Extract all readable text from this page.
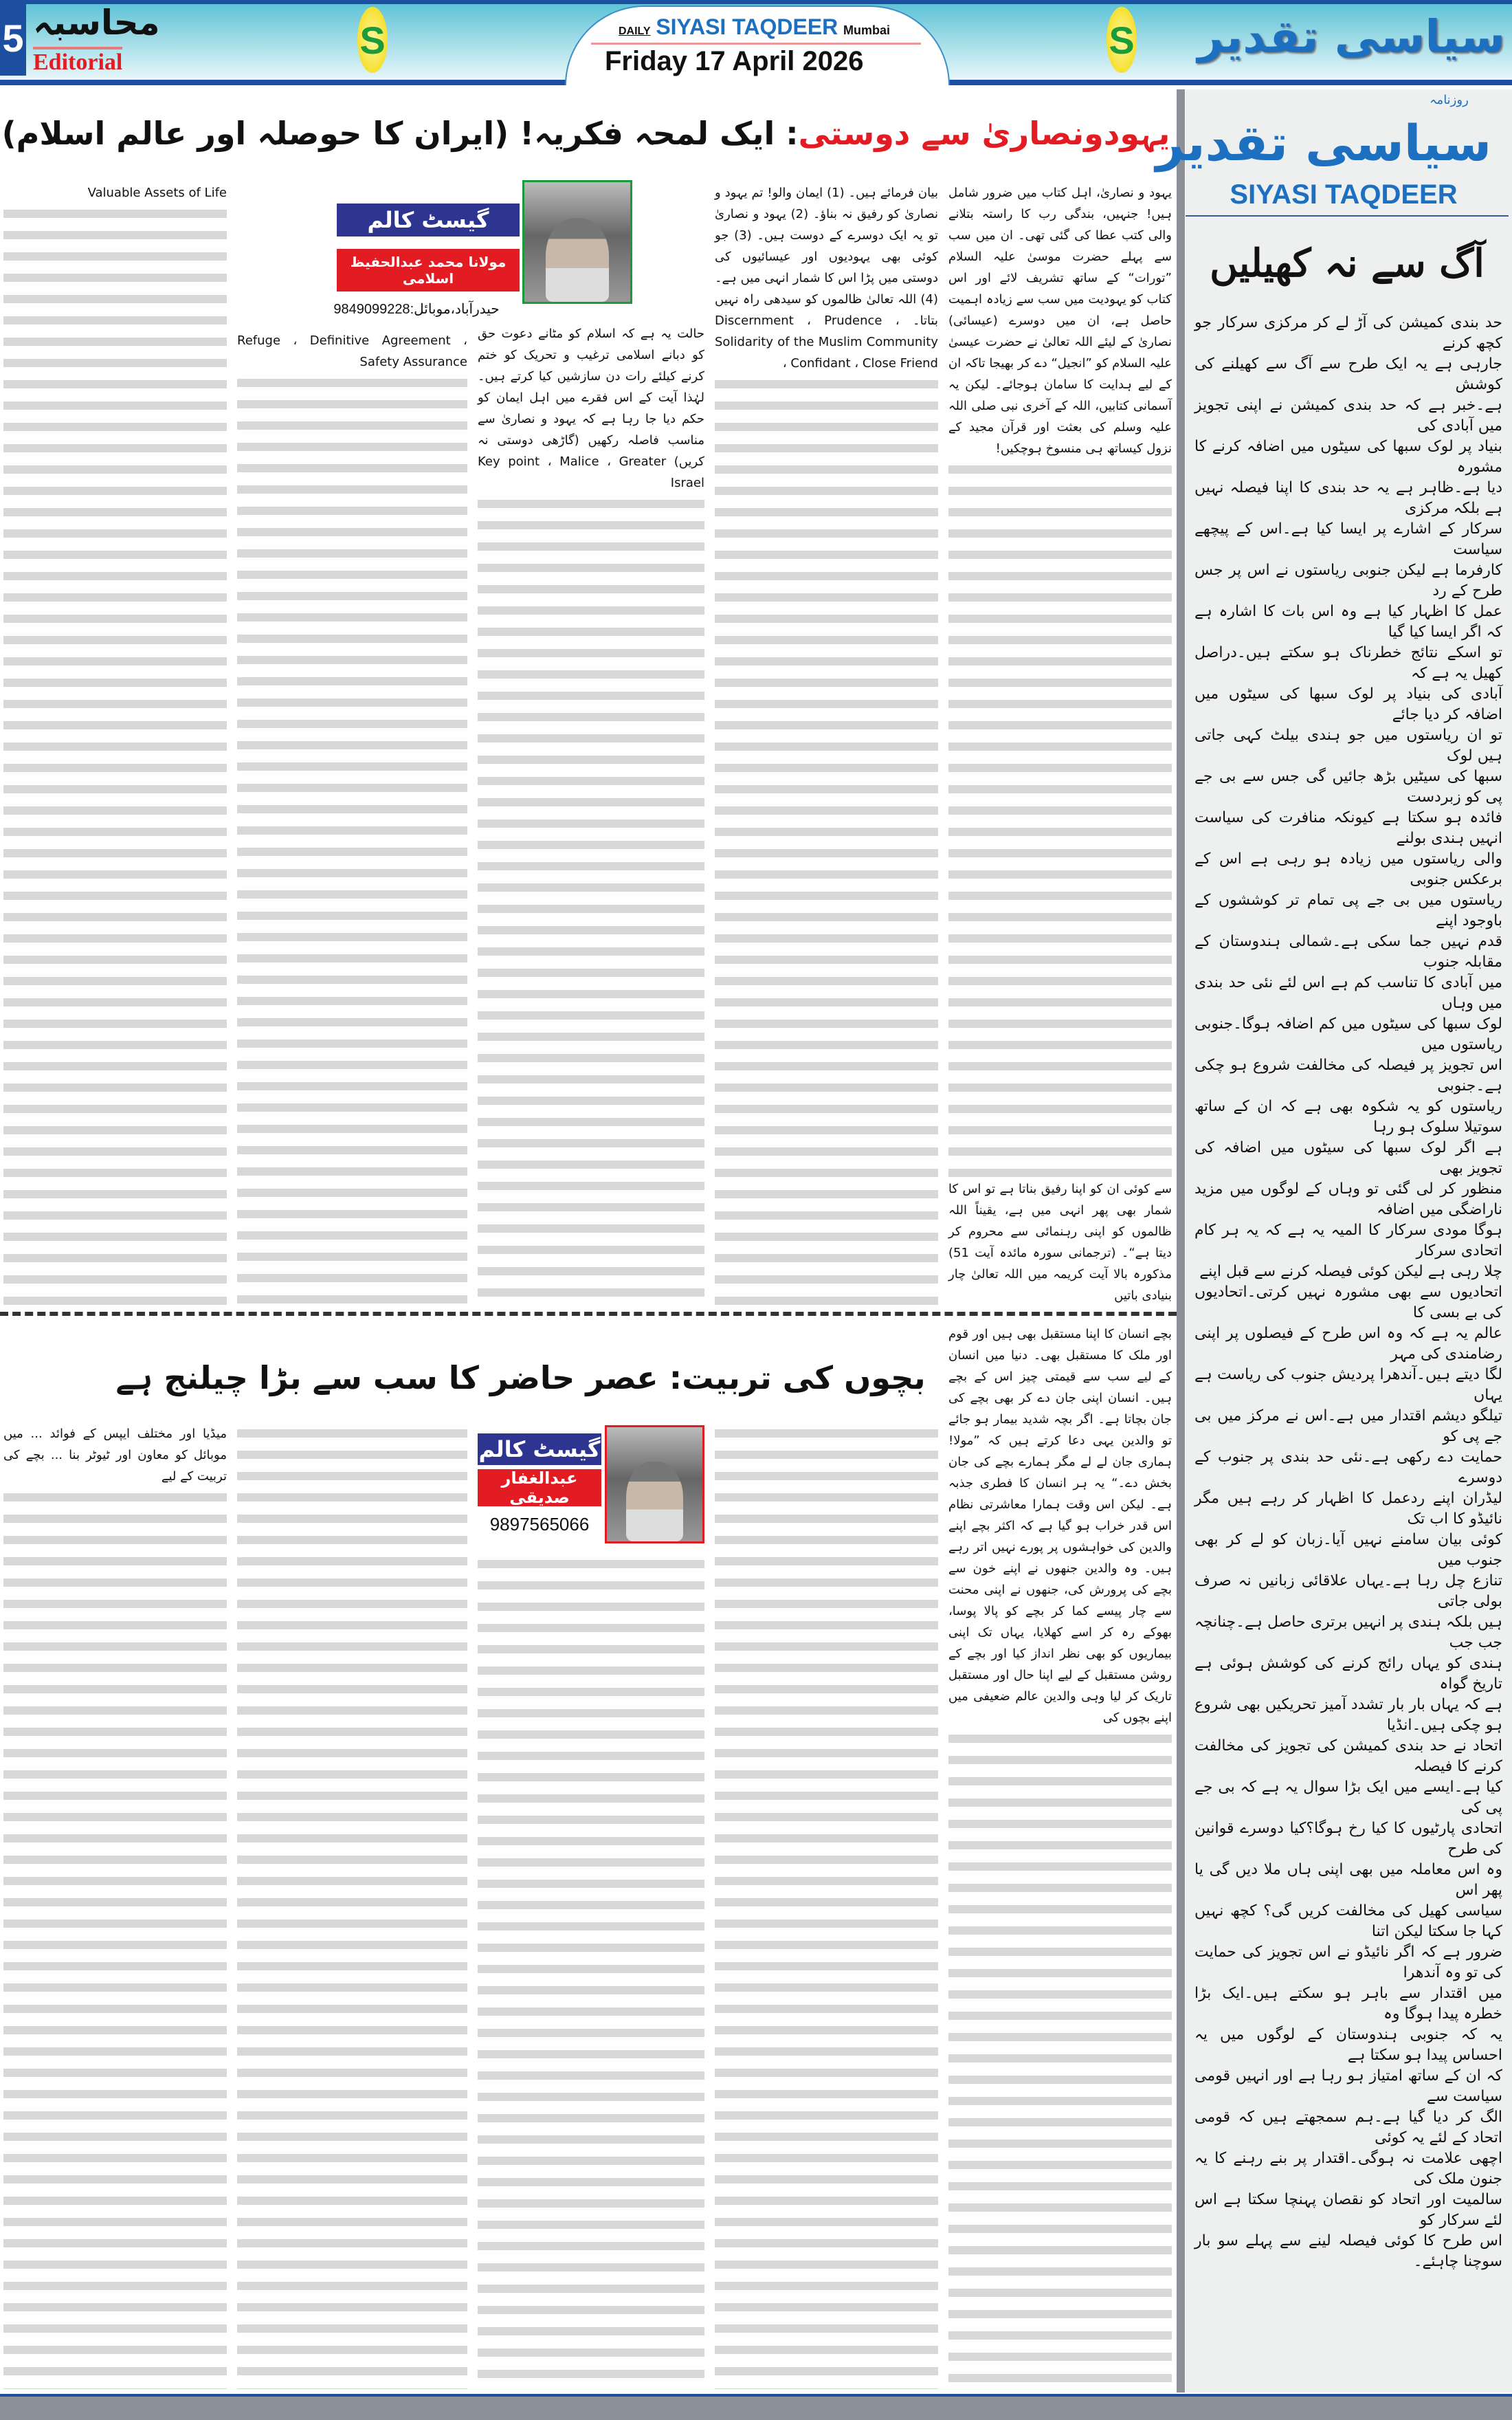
5 محاسبہ
Editorial
S	S
DAILY SIYASI TAQDEER Mumbai
Friday 17 April 2026	سیاسی تقدیر
روزنامہ
سیاسی تقدیر
SIYASI TAQDEER
آگ سے نہ کھیلیں
حد بندی کمیشن کی آڑ لے کر مرکزی سرکار جو کچھ کرنے
جارہی ہے یہ ایک طرح سے آگ سے کھیلنے کی کوشش
ہے۔خبر ہے کہ حد بندی کمیشن نے اپنی تجویز میں آبادی کی
بنیاد پر لوک سبھا کی سیٹوں میں اضافہ کرنے کا مشورہ
دیا ہے۔ظاہر ہے یہ حد بندی کا اپنا فیصلہ نہیں ہے بلکہ مرکزی
سرکار کے اشارے پر ایسا کیا ہے۔اس کے پیچھے سیاست
کارفرما ہے لیکن جنوبی ریاستوں نے اس پر جس طرح کے رد
عمل کا اظہار کیا ہے وہ اس بات کا اشارہ ہے کہ اگر ایسا کیا گیا
تو اسکے نتائج خطرناک ہو سکتے ہیں۔دراصل کھیل یہ ہے کہ
آبادی کی بنیاد پر لوک سبھا کی سیٹوں میں اضافہ کر دیا جائے
تو ان ریاستوں میں جو ہندی بیلٹ کہی جاتی ہیں لوک
سبھا کی سیٹیں بڑھ جائیں گی جس سے بی جے پی کو زبردست
فائدہ ہو سکتا ہے کیونکہ منافرت کی سیاست انہیں ہندی بولنے
والی ریاستوں میں زیادہ ہو رہی ہے اس کے برعکس جنوبی
ریاستوں میں بی جے پی تمام تر کوششوں کے باوجود اپنے
قدم نہیں جما سکی ہے۔شمالی ہندوستان کے مقابلہ جنوب
میں آبادی کا تناسب کم ہے اس لئے نئی حد بندی میں وہاں
لوک سبھا کی سیٹوں میں کم اضافہ ہوگا۔جنوبی ریاستوں میں
اس تجویز پر فیصلہ کی مخالفت شروع ہو چکی ہے۔جنوبی
ریاستوں کو یہ شکوہ بھی ہے کہ ان کے ساتھ سوتیلا سلوک ہو رہا
ہے اگر لوک سبھا کی سیٹوں میں اضافہ کی تجویز بھی
منظور کر لی گئی تو وہاں کے لوگوں میں مزید ناراضگی میں اضافہ
ہوگا مودی سرکار کا المیہ یہ ہے کہ یہ ہر کام اتحادی سرکار
چلا رہی ہے لیکن کوئی فیصلہ کرنے سے قبل اپنے
اتحادیوں سے بھی مشورہ نہیں کرتی۔اتحادیوں کی بے بسی کا
عالم یہ ہے کہ وہ اس طرح کے فیصلوں پر اپنی رضامندی کی مہر
لگا دیتے ہیں۔آندھرا پردیش جنوب کی ریاست ہے یہاں
تیلگو دیشم اقتدار میں ہے۔اس نے مرکز میں بی جے پی کو
حمایت دے رکھی ہے۔نئی حد بندی پر جنوب کے دوسرے
لیڈران اپنے ردعمل کا اظہار کر رہے ہیں مگر نائیڈو کا اب تک
کوئی بیان سامنے نہیں آیا۔زبان کو لے کر بھی جنوب میں
تنازع چل رہا ہے۔یہاں علاقائی زبانیں نہ صرف بولی جاتی
ہیں بلکہ ہندی پر انہیں برتری حاصل ہے۔چنانچہ جب جب
ہندی کو یہاں رائج کرنے کی کوشش ہوئی ہے تاریخ گواہ
ہے کہ یہاں بار بار تشدد آمیز تحریکیں بھی شروع ہو چکی ہیں۔انڈیا
اتحاد نے حد بندی کمیشن کی تجویز کی مخالفت کرنے کا فیصلہ
کیا ہے۔ایسے میں ایک بڑا سوال یہ ہے کہ بی جے پی کی
اتحادی پارٹیوں کا کیا رخ ہوگا؟کیا دوسرے قوانین کی طرح
وہ اس معاملہ میں بھی اپنی ہاں ملا دیں گی یا پھر اس
سیاسی کھیل کی مخالفت کریں گی؟ کچھ نہیں کہا جا سکتا لیکن اتنا
ضرور ہے کہ اگر نائیڈو نے اس تجویز کی حمایت کی تو وہ آندھرا
میں اقتدار سے باہر ہو سکتے ہیں۔ایک بڑا خطرہ پیدا ہوگا وہ
یہ کہ جنوبی ہندوستان کے لوگوں میں یہ احساس پیدا ہو سکتا ہے
کہ ان کے ساتھ امتیاز ہو رہا ہے اور انہیں قومی سیاست سے
الگ کر دیا گیا ہے۔ہم سمجھتے ہیں کہ قومی اتحاد کے لئے یہ کوئی
اچھی علامت نہ ہوگی۔اقتدار پر بنے رہنے کا یہ جنون ملک کی
سالمیت اور اتحاد کو نقصان پہنچا سکتا ہے اس لئے سرکار کو
اس طرح کا کوئی فیصلہ لینے سے پہلے سو بار سوچنا چاہئے۔
یہودونصاریٰ سے دوستی: ایک لمحہ فکریہ! (ایران کا حوصلہ اور عالم اسلام)
یہود و نصاریٰ، اہل کتاب میں ضرور شامل ہیں! جنہیں، بندگی رب کا راستہ بتلانے والی کتب عطا کی گئی تھی۔ ان میں سب سے پہلے حضرت موسیٰ علیہ السلام ”تورات“ کے ساتھ تشریف لائے اور اس کتاب کو یہودیت میں سب سے زیادہ اہمیت حاصل ہے، ان میں دوسرے (عیسائی) نصاریٰ کے لیئے اللہ تعالیٰ نے حضرت عیسیٰ علیہ السلام کو ”انجیل“ دے کر بھیجا تاکہ ان کے لیے ہدایت کا سامان ہوجائے۔ لیکن یہ آسمانی کتابیں، اللہ کے آخری نبی صلی اللہ علیہ وسلم کی بعثت اور قرآن مجید کے نزول کیساتھ ہی منسوخ ہوچکیں!
سے کوئی ان کو اپنا رفیق بناتا ہے تو اس کا شمار بھی پھر انہی میں ہے، یقیناً اللہ ظالموں کو اپنی رہنمائی سے محروم کر دیتا ہے“۔ (ترجمانی سورہ مائدہ آیت 51) مذکورہ بالا آیت کریمہ میں اللہ تعالیٰ چار بنیادی باتیں
بیان فرمائے ہیں۔ (1) ایمان والو! تم یہود و نصاریٰ کو رفیق نہ بناؤ۔ (2) یہود و نصاریٰ تو یہ ایک دوسرے کے دوست ہیں۔ (3) جو کوئی بھی یہودیوں اور عیسائیوں کی دوستی میں پڑا اس کا شمار انہی میں ہے۔ (4) اللہ تعالیٰ ظالموں کو سیدھی راہ نہیں بتاتا۔ Discernment ، Prudence ، Solidarity of the Muslim Community ، Confidant ، Close Friend
حالت یہ ہے کہ اسلام کو مٹانے دعوت حق کو دبانے اسلامی ترغیب و تحریک کو ختم کرنے کیلئے رات دن سازشیں کیا کرتے ہیں۔ لہٰذا آیت کے اس فقرے میں اہل ایمان کو حکم دیا جا رہا ہے کہ یہود و نصاریٰ سے مناسب فاصلہ رکھیں (گاڑھی دوستی نہ کریں) Key point ، Malice ، Greater Israel
Refuge ، Definitive Agreement ، Safety Assurance
Valuable Assets of Life
گیسٹ کالم
مولانا محمد عبدالحفیظ اسلامی
حیدرآباد،موبائل:9849099228
بچوں کی تربیت: عصر حاضر کا سب سے بڑا چیلنج ہے
بچے انسان کا اپنا مستقبل بھی ہیں اور قوم اور ملک کا مستقبل بھی۔ دنیا میں انسان کے لیے سب سے قیمتی چیز اس کے بچے ہیں۔ انسان اپنی جان دے کر بھی بچے کی جان بچاتا ہے۔ اگر بچہ شدید بیمار ہو جائے تو والدین یہی دعا کرتے ہیں کہ ”مولا! ہماری جان لے لے مگر ہمارے بچے کی جان بخش دے۔“ یہ ہر انسان کا فطری جذبہ ہے۔ لیکن اس وقت ہمارا معاشرتی نظام اس قدر خراب ہو گیا ہے کہ اکثر بچے اپنے والدین کی خواہشوں پر پورے نہیں اتر رہے ہیں۔ وہ والدین جنھوں نے اپنے خون سے بچے کی پرورش کی، جنھوں نے اپنی محنت سے چار پیسے کما کر بچے کو پالا پوسا، بھوکے رہ کر اسے کھلایا، یہاں تک اپنی بیماریوں کو بھی نظر انداز کیا اور بچے کے روشن مستقبل کے لیے اپنا حال اور مستقبل تاریک کر لیا وہی والدین عالم ضعیفی میں اپنے بچوں کی
میڈیا اور مختلف ایپس کے فوائد ... میں موبائل کو معاون اور ٹیوٹر بنا ... بچے کی تربیت کے لیے
گیسٹ کالم
عبدالغفار صدیقی
9897565066
